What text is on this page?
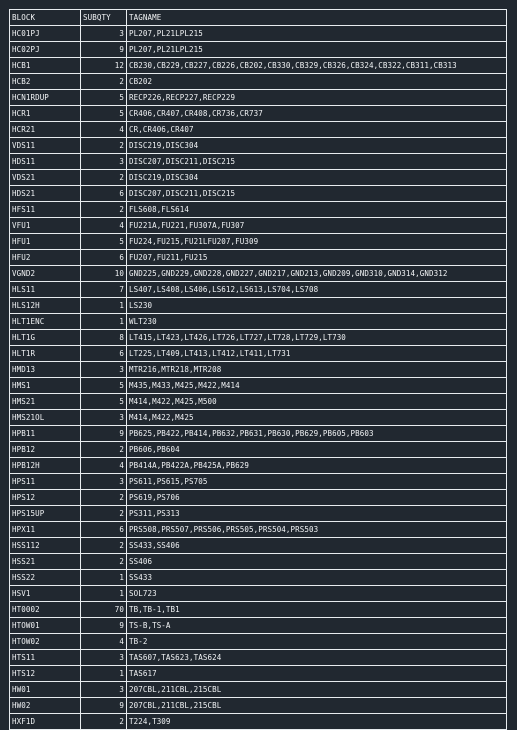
BLOCK	SUBQTY	TAGNAME
HC01PJ	3	PL207,PL21LPL215
HC02PJ	9	PL207,PL21LPL215
HCB1	12	CB230,CB229,CB227,CB226,CB202,CB330,CB329,CB326,CB324,CB322,CB311,CB313
HCB2	2	CB202
HCN1RDUP	5	RECP226,RECP227,RECP229
HCR1	5	CR406,CR407,CR408,CR736,CR737
HCR21	4	CR,CR406,CR407
VDS11	2	DISC219,DISC304
HDS11	3	DISC207,DISC211,DISC215
VDS21	2	DISC219,DISC304
HDS21	6	DISC207,DISC211,DISC215
HFS11	2	FLS608,FLS614
VFU1	4	FU221A,FU221,FU307A,FU307
HFU1	5	FU224,FU215,FU21LFU207,FU309
HFU2	6	FU207,FU211,FU215
VGND2	10	GND225,GND229,GND228,GND227,GND217,GND213,GND209,GND310,GND314,GND312
HLS11	7	LS407,LS408,LS406,LS612,LS613,LS704,LS708
HLS12H	1	LS230
HLT1ENC	1	WLT230
HLT1G	8	LT415,LT423,LT426,LT726,LT727,LT728,LT729,LT730
HLT1R	6	LT225,LT409,LT413,LT412,LT411,LT731
HMD13	3	MTR216,MTR218,MTR208
HMS1	5	M435,M433,M425,M422,M414
HMS21	5	M414,M422,M425,M500
HMS21OL	3	M414,M422,M425
HPB11	9	PB625,PB422,PB414,PB632,PB631,PB630,PB629,PB605,PB603
HPB12	2	PB606,PB604
HPB12H	4	PB414A,PB422A,PB425A,PB629
HPS11	3	PS611,PS615,PS705
HPS12	2	PS619,PS706
HPS15UP	2	PS311,PS313
HPX11	6	PRS508,PRS507,PRS506,PRS505,PRS504,PRS503
HSS112	2	SS433,SS406
HSS21	2	SS406
HSS22	1	SS433
HSV1	1	SOL723
HT0002	70	TB,TB-1,TB1
HTOW01	9	TS-B,TS-A
HTOW02	4	TB-2
HTS11	3	TAS607,TAS623,TAS624
HTS12	1	TAS617
HW01	3	207CBL,211CBL,215CBL
HW02	9	207CBL,211CBL,215CBL
HXF1D	2	T224,T309
